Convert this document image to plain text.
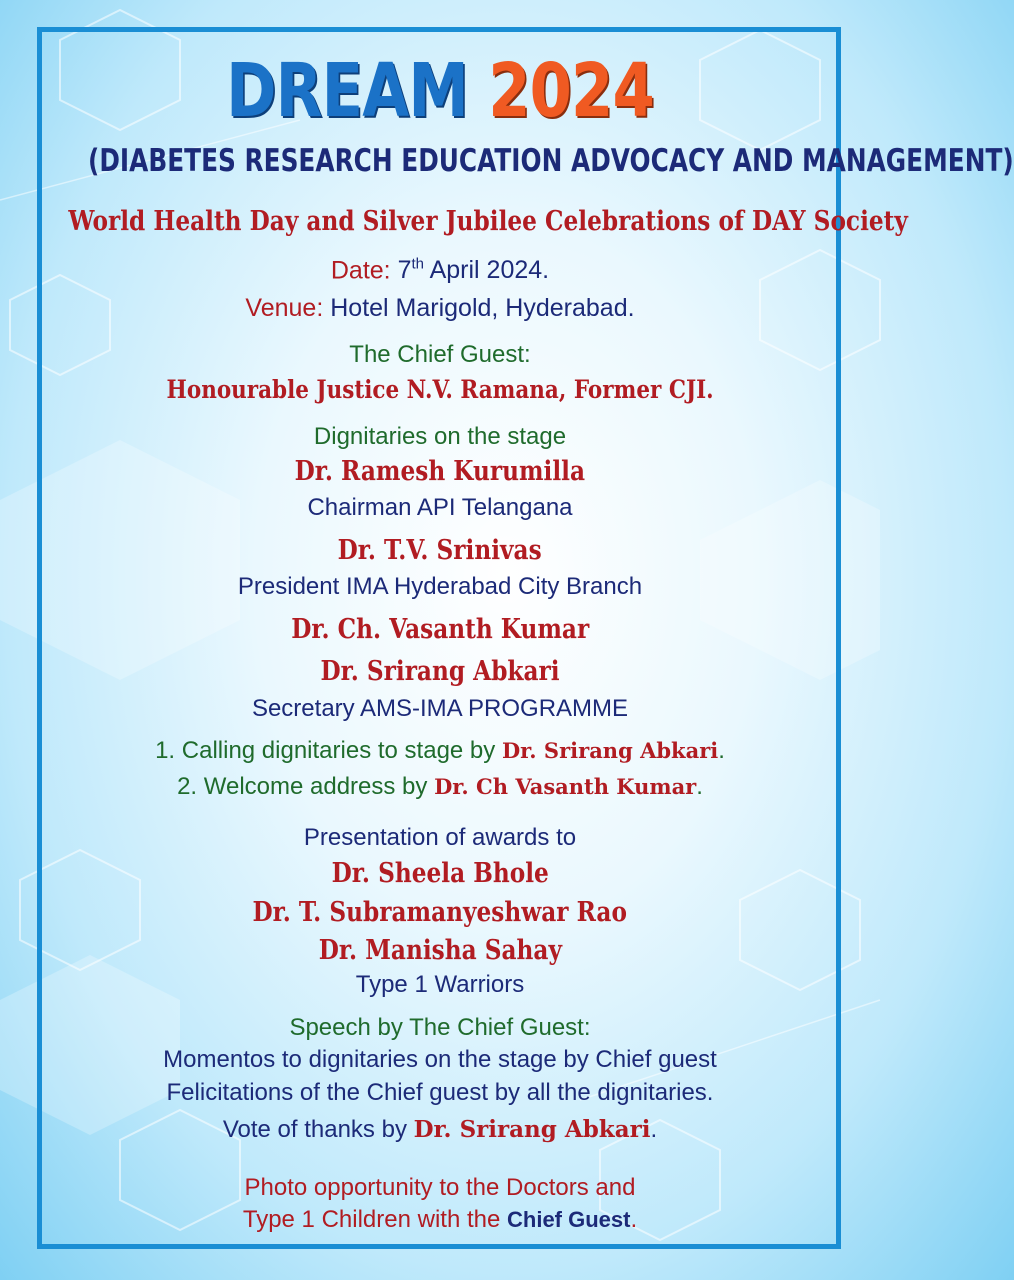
DREAM 2024
(DIABETES RESEARCH EDUCATION ADVOCACY AND MANAGEMENT)
World Health Day and Silver Jubilee Celebrations of DAY Society
Date: 7th April 2024.
Venue: Hotel Marigold, Hyderabad.
The Chief Guest:
Honourable Justice N.V. Ramana, Former CJI.
Dignitaries on the stage
Dr. Ramesh Kurumilla
Chairman API Telangana
Dr. T.V. Srinivas
President IMA Hyderabad City Branch
Dr. Ch. Vasanth Kumar
Dr. Srirang Abkari
Secretary AMS-IMA PROGRAMME
1. Calling dignitaries to stage by Dr. Srirang Abkari.
2. Welcome address by Dr. Ch Vasanth Kumar.
Presentation of awards to
Dr. Sheela Bhole
Dr. T. Subramanyeshwar Rao
Dr. Manisha Sahay
Type 1 Warriors
Speech by The Chief Guest:
Momentos to dignitaries on the stage by Chief guest
Felicitations of the Chief guest by all the dignitaries.
Vote of thanks by Dr. Srirang Abkari.
Photo opportunity to the Doctors and
Type 1 Children with the Chief Guest.
